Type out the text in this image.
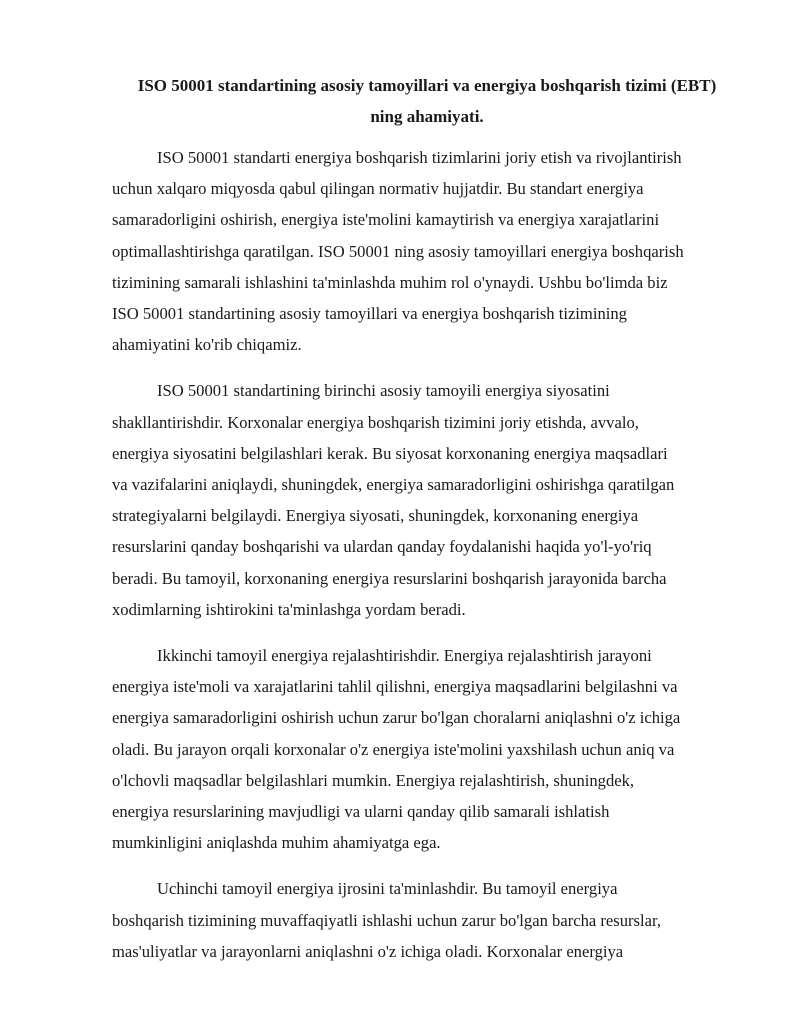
ISO 50001 standartining asosiy tamoyillari va energiya boshqarish tizimi (EBT)
ning ahamiyati.
ISO 50001 standarti energiya boshqarish tizimlarini joriy etish va rivojlantirish
uchun xalqaro miqyosda qabul qilingan normativ hujjatdir. Bu standart energiya
samaradorligini oshirish, energiya iste'molini kamaytirish va energiya xarajatlarini
optimallashtirishga qaratilgan. ISO 50001 ning asosiy tamoyillari energiya boshqarish
tizimining samarali ishlashini ta'minlashda muhim rol o'ynaydi. Ushbu bo'limda biz
ISO 50001 standartining asosiy tamoyillari va energiya boshqarish tizimining
ahamiyatini ko'rib chiqamiz.
ISO 50001 standartining birinchi asosiy tamoyili energiya siyosatini
shakllantirishdir. Korxonalar energiya boshqarish tizimini joriy etishda, avvalo,
energiya siyosatini belgilashlari kerak. Bu siyosat korxonaning energiya maqsadlari
va vazifalarini aniqlaydi, shuningdek, energiya samaradorligini oshirishga qaratilgan
strategiyalarni belgilaydi. Energiya siyosati, shuningdek, korxonaning energiya
resurslarini qanday boshqarishi va ulardan qanday foydalanishi haqida yo'l-yo'riq
beradi. Bu tamoyil, korxonaning energiya resurslarini boshqarish jarayonida barcha
xodimlarning ishtirokini ta'minlashga yordam beradi.
Ikkinchi tamoyil energiya rejalashtirishdir. Energiya rejalashtirish jarayoni
energiya iste'moli va xarajatlarini tahlil qilishni, energiya maqsadlarini belgilashni va
energiya samaradorligini oshirish uchun zarur bo'lgan choralarni aniqlashni o'z ichiga
oladi. Bu jarayon orqali korxonalar o'z energiya iste'molini yaxshilash uchun aniq va
o'lchovli maqsadlar belgilashlari mumkin. Energiya rejalashtirish, shuningdek,
energiya resurslarining mavjudligi va ularni qanday qilib samarali ishlatish
mumkinligini aniqlashda muhim ahamiyatga ega.
Uchinchi tamoyil energiya ijrosini ta'minlashdir. Bu tamoyil energiya
boshqarish tizimining muvaffaqiyatli ishlashi uchun zarur bo'lgan barcha resurslar,
mas'uliyatlar va jarayonlarni aniqlashni o'z ichiga oladi. Korxonalar energiya
